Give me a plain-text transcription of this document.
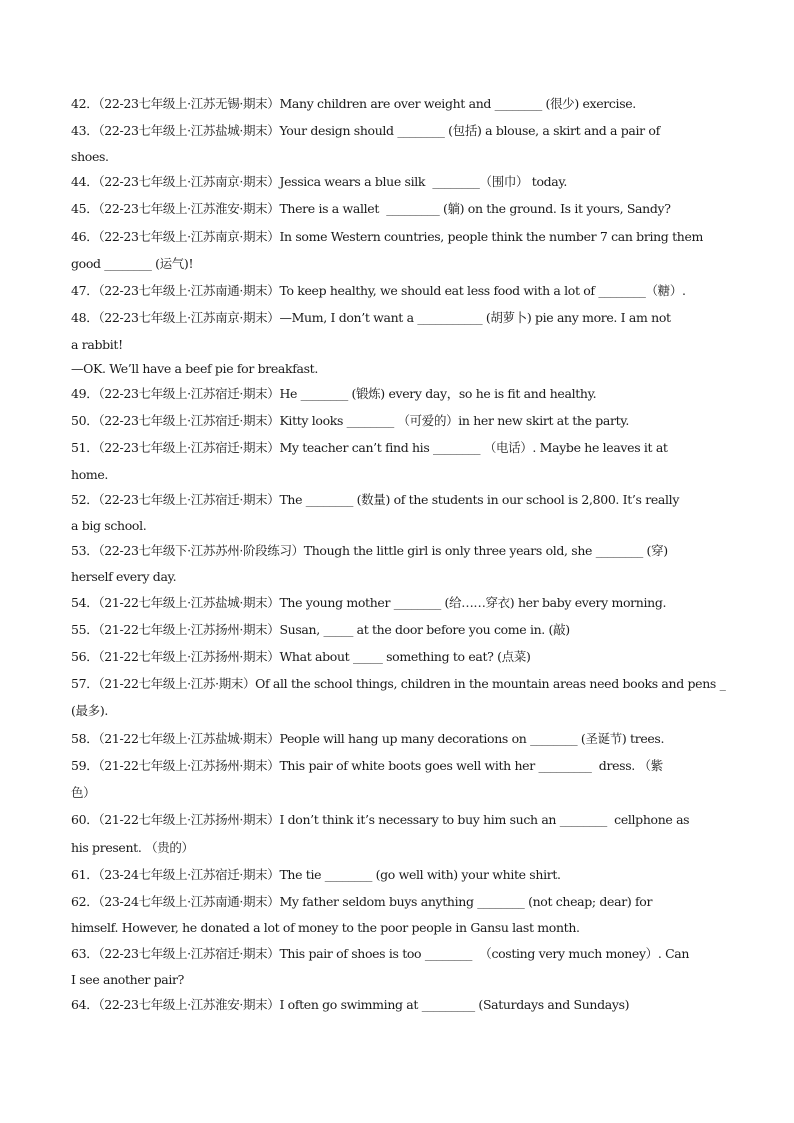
42．（22-23七年级上·江苏无锡·期末）Many children are over weight and ________ (很少) exercise.
43．（22-23七年级上·江苏盐城·期末）Your design should ________ (包括) a blouse, a skirt and a pair of
shoes.
44．（22-23七年级上·江苏南京·期末）Jessica wears a blue silk  ________（围巾） today.
45．（22-23七年级上·江苏淮安·期末）There is a wallet  _________ (躺) on the ground. Is it yours, Sandy?
46．（22-23七年级上·江苏南京·期末）In some Western countries, people think the number 7 can bring them
good ________ (运气)!
47．（22-23七年级上·江苏南通·期末）To keep healthy, we should eat less food with a lot of ________（糖）.
48．（22-23七年级上·江苏南京·期末）—Mum, I don’t want a ___________ (胡萝卜) pie any more. I am not
a rabbit!
—OK. We’ll have a beef pie for breakfast.
49．（22-23七年级上·江苏宿迁·期末）He ________ (锻炼) every day，so he is fit and healthy.
50．（22-23七年级上·江苏宿迁·期末）Kitty looks ________ （可爱的）in her new skirt at the party.
51．（22-23七年级上·江苏宿迁·期末）My teacher can’t find his ________ （电话）. Maybe he leaves it at
home.
52．（22-23七年级上·江苏宿迁·期末）The ________ (数量) of the students in our school is 2,800. It’s really
a big school.
53．（22-23七年级下·江苏苏州·阶段练习）Though the little girl is only three years old, she ________ (穿)
herself every day.
54．（21-22七年级上·江苏盐城·期末）The young mother ________ (给……穿衣) her baby every morning.
55．（21-22七年级上·江苏扬州·期末）Susan, _____ at the door before you come in. (敲)
56．（21-22七年级上·江苏扬州·期末）What about _____ something to eat? (点菜)
57．（21-22七年级上·江苏·期末）Of all the school things, children in the mountain areas need books and pens _
(最多).
58．（21-22七年级上·江苏盐城·期末）People will hang up many decorations on ________ (圣诞节) trees.
59．（21-22七年级上·江苏扬州·期末）This pair of white boots goes well with her _________  dress. （紫
色）
60．（21-22七年级上·江苏扬州·期末）I don’t think it’s necessary to buy him such an ________  cellphone as
his present. （贵的）
61．（23-24七年级上·江苏宿迁·期末）The tie ________ (go well with) your white shirt.
62．（23-24七年级上·江苏南通·期末）My father seldom buys anything ________ (not cheap; dear) for
himself. However, he donated a lot of money to the poor people in Gansu last month.
63．（22-23七年级上·江苏宿迁·期末）This pair of shoes is too ________  （costing very much money）. Can
I see another pair?
64．（22-23七年级上·江苏淮安·期末）I often go swimming at _________ (Saturdays and Sundays)
